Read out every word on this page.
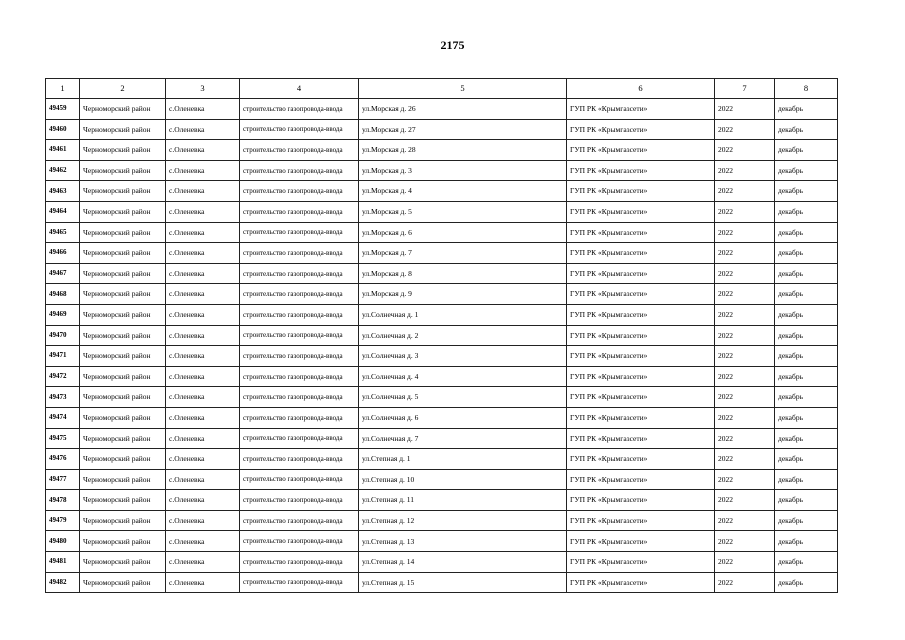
2175
1	2	3	4	5	6	7	8
49459	Черноморский район	с.Оленевка	строительство газопровода-ввода	ул.Морская д. 26	ГУП РК «Крымгазсети»	2022	декабрь
49460	Черноморский район	с.Оленевка	строительство газопровода-ввода	ул.Морская д. 27	ГУП РК «Крымгазсети»	2022	декабрь
49461	Черноморский район	с.Оленевка	строительство газопровода-ввода	ул.Морская д. 28	ГУП РК «Крымгазсети»	2022	декабрь
49462	Черноморский район	с.Оленевка	строительство газопровода-ввода	ул.Морская д. 3	ГУП РК «Крымгазсети»	2022	декабрь
49463	Черноморский район	с.Оленевка	строительство газопровода-ввода	ул.Морская д. 4	ГУП РК «Крымгазсети»	2022	декабрь
49464	Черноморский район	с.Оленевка	строительство газопровода-ввода	ул.Морская д. 5	ГУП РК «Крымгазсети»	2022	декабрь
49465	Черноморский район	с.Оленевка	строительство газопровода-ввода	ул.Морская д. 6	ГУП РК «Крымгазсети»	2022	декабрь
49466	Черноморский район	с.Оленевка	строительство газопровода-ввода	ул.Морская д. 7	ГУП РК «Крымгазсети»	2022	декабрь
49467	Черноморский район	с.Оленевка	строительство газопровода-ввода	ул.Морская д. 8	ГУП РК «Крымгазсети»	2022	декабрь
49468	Черноморский район	с.Оленевка	строительство газопровода-ввода	ул.Морская д. 9	ГУП РК «Крымгазсети»	2022	декабрь
49469	Черноморский район	с.Оленевка	строительство газопровода-ввода	ул.Солнечная д. 1	ГУП РК «Крымгазсети»	2022	декабрь
49470	Черноморский район	с.Оленевка	строительство газопровода-ввода	ул.Солнечная д. 2	ГУП РК «Крымгазсети»	2022	декабрь
49471	Черноморский район	с.Оленевка	строительство газопровода-ввода	ул.Солнечная д. 3	ГУП РК «Крымгазсети»	2022	декабрь
49472	Черноморский район	с.Оленевка	строительство газопровода-ввода	ул.Солнечная д. 4	ГУП РК «Крымгазсети»	2022	декабрь
49473	Черноморский район	с.Оленевка	строительство газопровода-ввода	ул.Солнечная д. 5	ГУП РК «Крымгазсети»	2022	декабрь
49474	Черноморский район	с.Оленевка	строительство газопровода-ввода	ул.Солнечная д. 6	ГУП РК «Крымгазсети»	2022	декабрь
49475	Черноморский район	с.Оленевка	строительство газопровода-ввода	ул.Солнечная д. 7	ГУП РК «Крымгазсети»	2022	декабрь
49476	Черноморский район	с.Оленевка	строительство газопровода-ввода	ул.Степная д. 1	ГУП РК «Крымгазсети»	2022	декабрь
49477	Черноморский район	с.Оленевка	строительство газопровода-ввода	ул.Степная д. 10	ГУП РК «Крымгазсети»	2022	декабрь
49478	Черноморский район	с.Оленевка	строительство газопровода-ввода	ул.Степная д. 11	ГУП РК «Крымгазсети»	2022	декабрь
49479	Черноморский район	с.Оленевка	строительство газопровода-ввода	ул.Степная д. 12	ГУП РК «Крымгазсети»	2022	декабрь
49480	Черноморский район	с.Оленевка	строительство газопровода-ввода	ул.Степная д. 13	ГУП РК «Крымгазсети»	2022	декабрь
49481	Черноморский район	с.Оленевка	строительство газопровода-ввода	ул.Степная д. 14	ГУП РК «Крымгазсети»	2022	декабрь
49482	Черноморский район	с.Оленевка	строительство газопровода-ввода	ул.Степная д. 15	ГУП РК «Крымгазсети»	2022	декабрь
